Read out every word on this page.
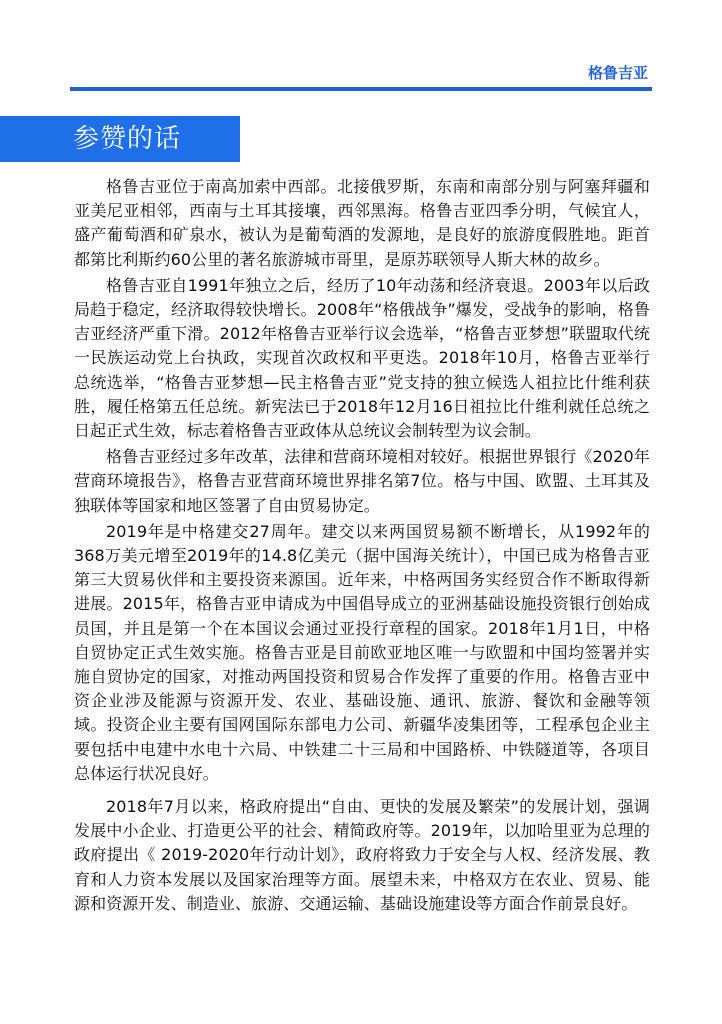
格鲁吉亚
参赞的话

格鲁吉亚位于南高加索中西部。北接俄罗斯，东南和南部分别与阿塞拜疆和亚美尼亚相邻，西南与土耳其接壤，西邻黑海。格鲁吉亚四季分明，气候宜人，盛产葡萄酒和矿泉水，被认为是葡萄酒的发源地，是良好的旅游度假胜地。距首都第比利斯约60公里的著名旅游城市哥里，是原苏联领导人斯大林的故乡。

格鲁吉亚自1991年独立之后，经历了10年动荡和经济衰退。2003年以后政局趋于稳定，经济取得较快增长。2008年“格俄战争”爆发，受战争的影响，格鲁吉亚经济严重下滑。2012年格鲁吉亚举行议会选举，“格鲁吉亚梦想”联盟取代统一民族运动党上台执政，实现首次政权和平更迭。2018年10月，格鲁吉亚举行总统选举，“格鲁吉亚梦想—民主格鲁吉亚”党支持的独立候选人祖拉比什维利获胜，履任格第五任总统。新宪法已于2018年12月16日祖拉比什维利就任总统之日起正式生效，标志着格鲁吉亚政体从总统议会制转型为议会制。

格鲁吉亚经过多年改革，法律和营商环境相对较好。根据世界银行《2020年营商环境报告》，格鲁吉亚营商环境世界排名第7位。格与中国、欧盟、土耳其及独联体等国家和地区签署了自由贸易协定。

2019年是中格建交27周年。建交以来两国贸易额不断增长，从1992年的368万美元增至2019年的14.8亿美元（据中国海关统计），中国已成为格鲁吉亚第三大贸易伙伴和主要投资来源国。近年来，中格两国务实经贸合作不断取得新进展。2015年，格鲁吉亚申请成为中国倡导成立的亚洲基础设施投资银行创始成员国，并且是第一个在本国议会通过亚投行章程的国家。2018年1月1日，中格自贸协定正式生效实施。格鲁吉亚是目前欧亚地区唯一与欧盟和中国均签署并实施自贸协定的国家，对推动两国投资和贸易合作发挥了重要的作用。格鲁吉亚中资企业涉及能源与资源开发、农业、基础设施、通讯、旅游、餐饮和金融等领域。投资企业主要有国网国际东部电力公司、新疆华凌集团等，工程承包企业主要包括中电建中水电十六局、中铁建二十三局和中国路桥、中铁隧道等，各项目总体运行状况良好。

2018年7月以来，格政府提出“自由、更快的发展及繁荣”的发展计划，强调发展中小企业、打造更公平的社会、精简政府等。2019年，以加哈里亚为总理的政府提出《 2019-2020年行动计划》，政府将致力于安全与人权、经济发展、教育和人力资本发展以及国家治理等方面。展望未来，中格双方在农业、贸易、能源和资源开发、制造业、旅游、交通运输、基础设施建设等方面合作前景良好。
